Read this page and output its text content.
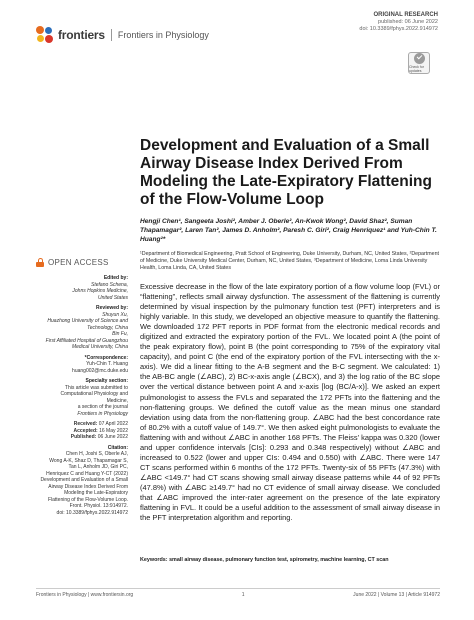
frontiers Frontiers in Physiology
ORIGINAL RESEARCH
published: 06 June 2022
doi: 10.3389/fphys.2022.914972
Check for updates
Development and Evaluation of a Small Airway Disease Index Derived From Modeling the Late-Expiratory Flattening of the Flow-Volume Loop
Hengji Chen¹, Sangeeta Joshi², Amber J. Oberle², An-Kwok Wong², David Shaz², Suman Thapamagar², Laren Tan², James D. Anholm², Paresh C. Giri², Craig Henriquez¹ and Yuh-Chin T. Huang²*
¹Department of Biomedical Engineering, Pratt School of Engineering, Duke University, Durham, NC, United States, ²Department of Medicine, Duke University Medical Center, Durham, NC, United States, ³Department of Medicine, Loma Linda University Health, Loma Linda, CA, United States
OPEN ACCESS
Edited by:
Stefano Schena,
Johns Hopkins Medicine,
United States
Reviewed by:
Shuyun Xu,
Huazhong University of Science and
Technology, China
Bin Fu,
First Affiliated Hospital of Guangzhou
Medical University, China
*Correspondence:
Yuh-Chin T. Huang
huang002@mc.duke.edu
Specialty section:
This article was submitted to
Computational Physiology and
Medicine,
a section of the journal
Frontiers in Physiology
Received: 07 April 2022
Accepted: 16 May 2022
Published: 06 June 2022
Citation:
Chen H, Joshi S, Oberle AJ,
Wong A-K, Shaz D, Thapamagar S,
Tan L, Anholm JD, Giri PC,
Henriquez C and Huang Y-CT (2022)
Development and Evaluation of a Small
Airway Disease Index Derived From
Modeling the Late-Expiratory
Flattening of the Flow-Volume Loop.
Front. Physiol. 13:914972.
doi: 10.3389/fphys.2022.914972
Excessive decrease in the flow of the late expiratory portion of a flow volume loop (FVL) or “flattening”, reflects small airway dysfunction. The assessment of the flattening is currently determined by visual inspection by the pulmonary function test (PFT) interpreters and is highly variable. In this study, we developed an objective measure to quantify the flattening. We downloaded 172 PFT reports in PDF format from the electronic medical records and digitized and extracted the expiratory portion of the FVL. We located point A (the point of the peak expiratory flow), point B (the point corresponding to 75% of the expiratory vital capacity), and point C (the end of the expiratory portion of the FVL intersecting with the x-axis). We did a linear fitting to the A-B segment and the B-C segment. We calculated: 1) the AB-BC angle (∠ABC), 2) BC-x-axis angle (∠BCX), and 3) the log ratio of the BC slope over the vertical distance between point A and x-axis [log (BC/A-x)]. We asked an expert pulmonologist to assess the FVLs and separated the 172 PFTs into the flattening and the non-flattening groups. We defined the cutoff value as the mean minus one standard deviation using data from the non-flattening group. ∠ABC had the best concordance rate of 80.2% with a cutoff value of 149.7°. We then asked eight pulmonologists to evaluate the flattening with and without ∠ABC in another 168 PFTs. The Fleiss’ kappa was 0.320 (lower and upper confidence intervals [CIs]: 0.293 and 0.348 respectively) without ∠ABC and increased to 0.522 (lower and upper CIs: 0.494 and 0.550) with ∠ABC. There were 147 CT scans performed within 6 months of the 172 PFTs. Twenty-six of 55 PFTs (47.3%) with ∠ABC <149.7° had CT scans showing small airway disease patterns while 44 of 92 PFTs (47.8%) with ∠ABC ≥149.7° had no CT evidence of small airway disease. We concluded that ∠ABC improved the inter-rater agreement on the presence of the late expiratory flattening in FVL. It could be a useful addition to the assessment of small airway disease in the PFT interpretation algorithm and reporting.
Keywords: small airway disease, pulmonary function test, spirometry, machine learning, CT scan
Frontiers in Physiology | www.frontiersin.org	1	June 2022 | Volume 13 | Article 914972
